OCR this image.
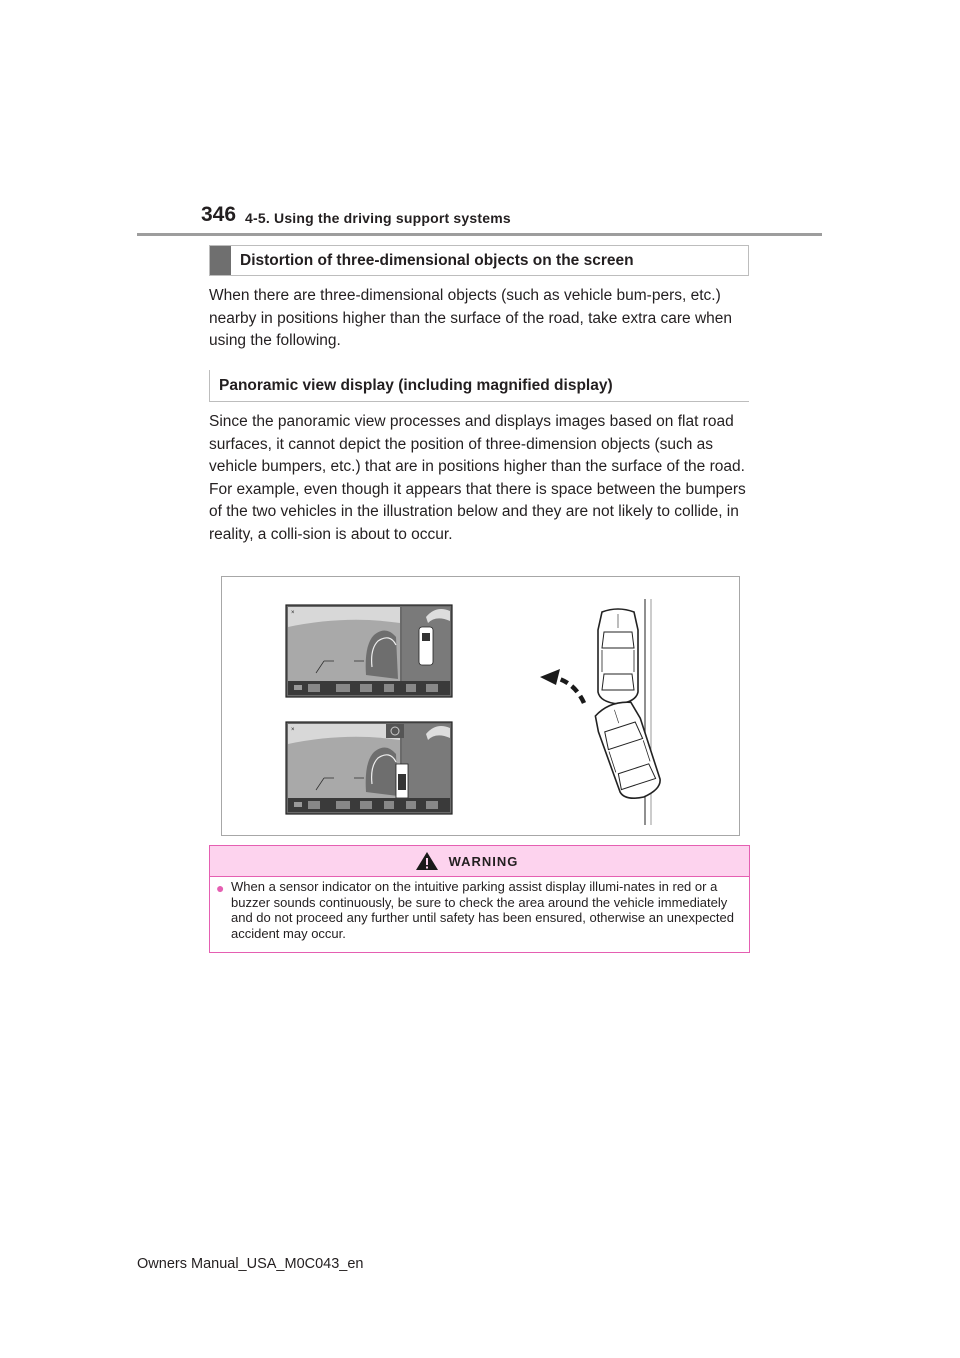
346 4-5. Using the driving support systems
Distortion of three-dimensional objects on the screen
When there are three-dimensional objects (such as vehicle bum-pers, etc.) nearby in positions higher than the surface of the road, take extra care when using the following.
Panoramic view display (including magnified display)
Since the panoramic view processes and displays images based on flat road surfaces, it cannot depict the position of three-dimension objects (such as vehicle bumpers, etc.) that are in positions higher than the surface of the road. For example, even though it appears that there is space between the bumpers of the two vehicles in the illustration below and they are not likely to collide, in reality, a colli-sion is about to occur.
×
×
WARNING
● When a sensor indicator on the intuitive parking assist display illumi-nates in red or a buzzer sounds continuously, be sure to check the area around the vehicle immediately and do not proceed any further until safety has been ensured, otherwise an unexpected accident may occur.
Owners Manual_USA_M0C043_en
